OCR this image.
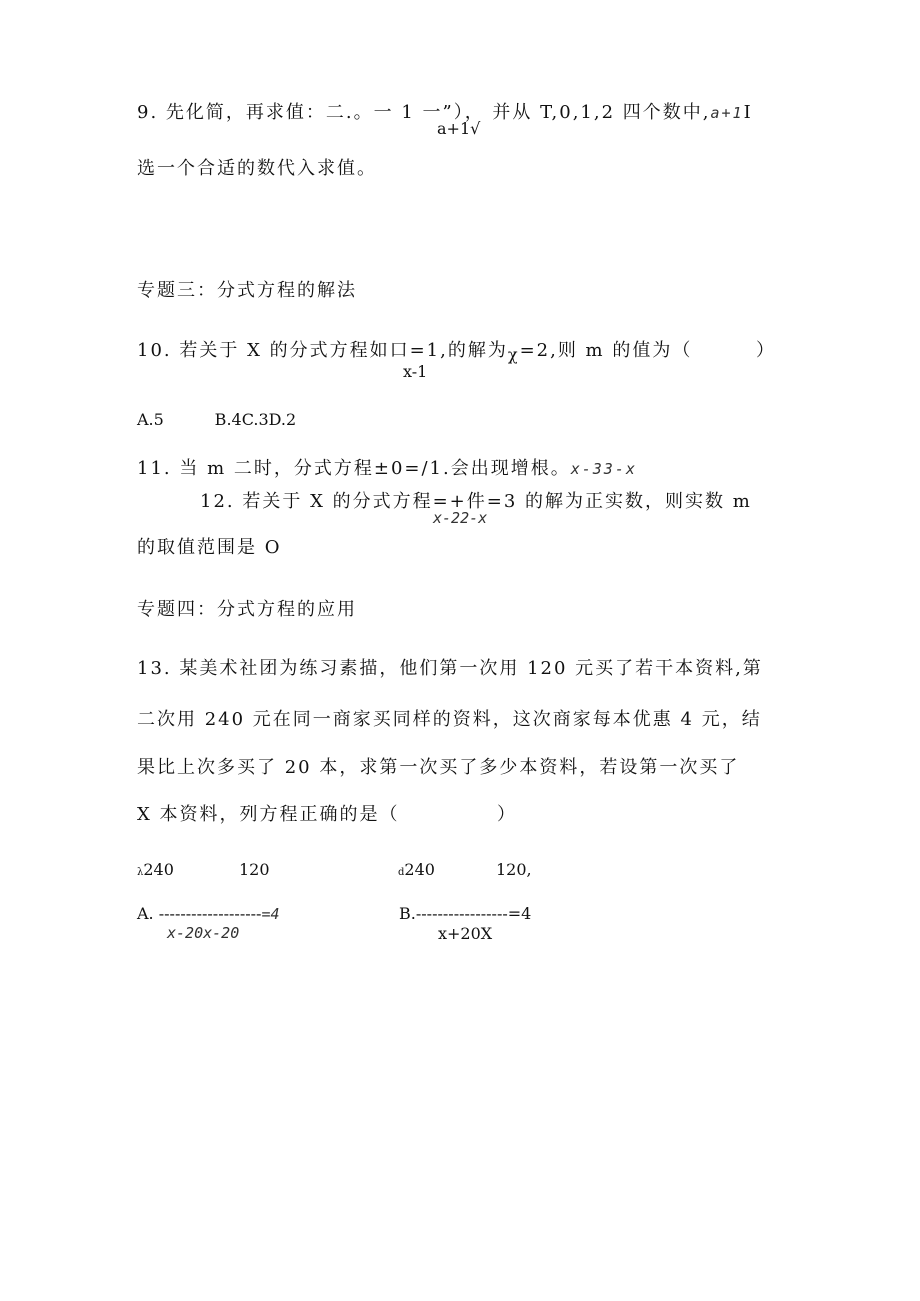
9. 先化简，再求值：二.。一 1 一”）， 并从 T,0,1,2 四个数中,a+1I
a+1√
选一个合适的数代入求值。
专题三：分式方程的解法
10. 若关于 X 的分式方程如口=1,的解为χ=2,则 m 的值为（	）
x-1
A.5          B.4C.3D.2
11. 当 m 二时，分式方程±0=/1.会出现增根。x-33-x
12. 若关于 X 的分式方程=+件=3 的解为正实数，则实数 m
x-22-x
的取值范围是 O
专题四：分式方程的应用
13. 某美术社团为练习素描，他们第一次用 120 元买了若干本资料,第
二次用 240 元在同一商家买同样的资料，这次商家每本优惠 4 元，结
果比上次多买了 20 本，求第一次买了多少本资料，若设第一次买了
X 本资料，列方程正确的是（	）
λ240	120
A. -------------------=4
x-20x-20
d240	120,
B.-----------------=4
x+20X
